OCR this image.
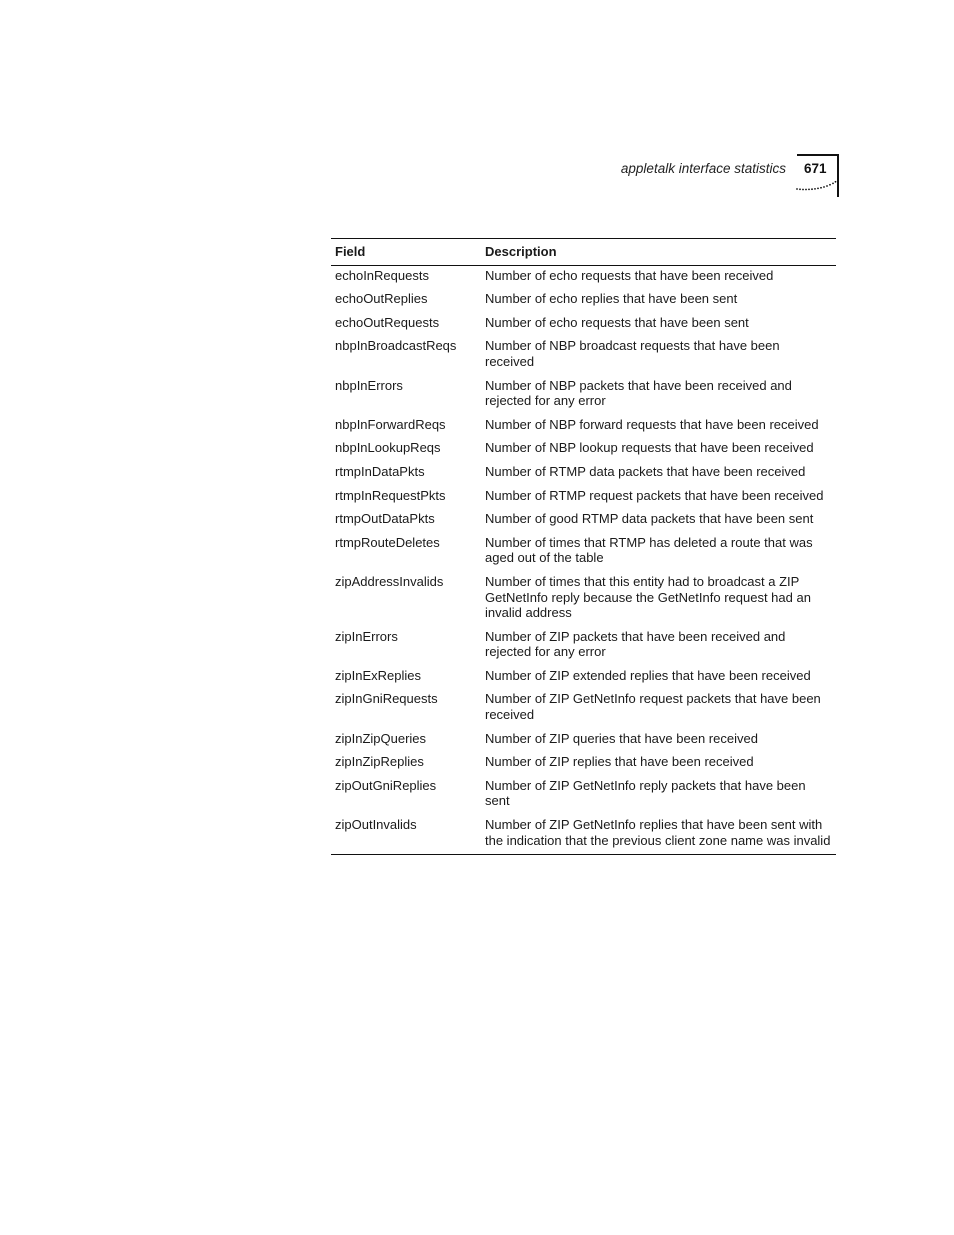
appletalk interface statistics 671
Field	Description
echoInRequests	Number of echo requests that have been received
echoOutReplies	Number of echo replies that have been sent
echoOutRequests	Number of echo requests that have been sent
nbpInBroadcastReqs	Number of NBP broadcast requests that have been received
nbpInErrors	Number of NBP packets that have been received and rejected for any error
nbpInForwardReqs	Number of NBP forward requests that have been received
nbpInLookupReqs	Number of NBP lookup requests that have been received
rtmpInDataPkts	Number of RTMP data packets that have been received
rtmpInRequestPkts	Number of RTMP request packets that have been received
rtmpOutDataPkts	Number of good RTMP data packets that have been sent
rtmpRouteDeletes	Number of times that RTMP has deleted a route that was aged out of the table
zipAddressInvalids	Number of times that this entity had to broadcast a ZIP GetNetInfo reply because the GetNetInfo request had an invalid address
zipInErrors	Number of ZIP packets that have been received and rejected for any error
zipInExReplies	Number of ZIP extended replies that have been received
zipInGniRequests	Number of ZIP GetNetInfo request packets that have been received
zipInZipQueries	Number of ZIP queries that have been received
zipInZipReplies	Number of ZIP replies that have been received
zipOutGniReplies	Number of ZIP GetNetInfo reply packets that have been sent
zipOutInvalids	Number of ZIP GetNetInfo replies that have been sent with the indication that the previous client zone name was invalid
